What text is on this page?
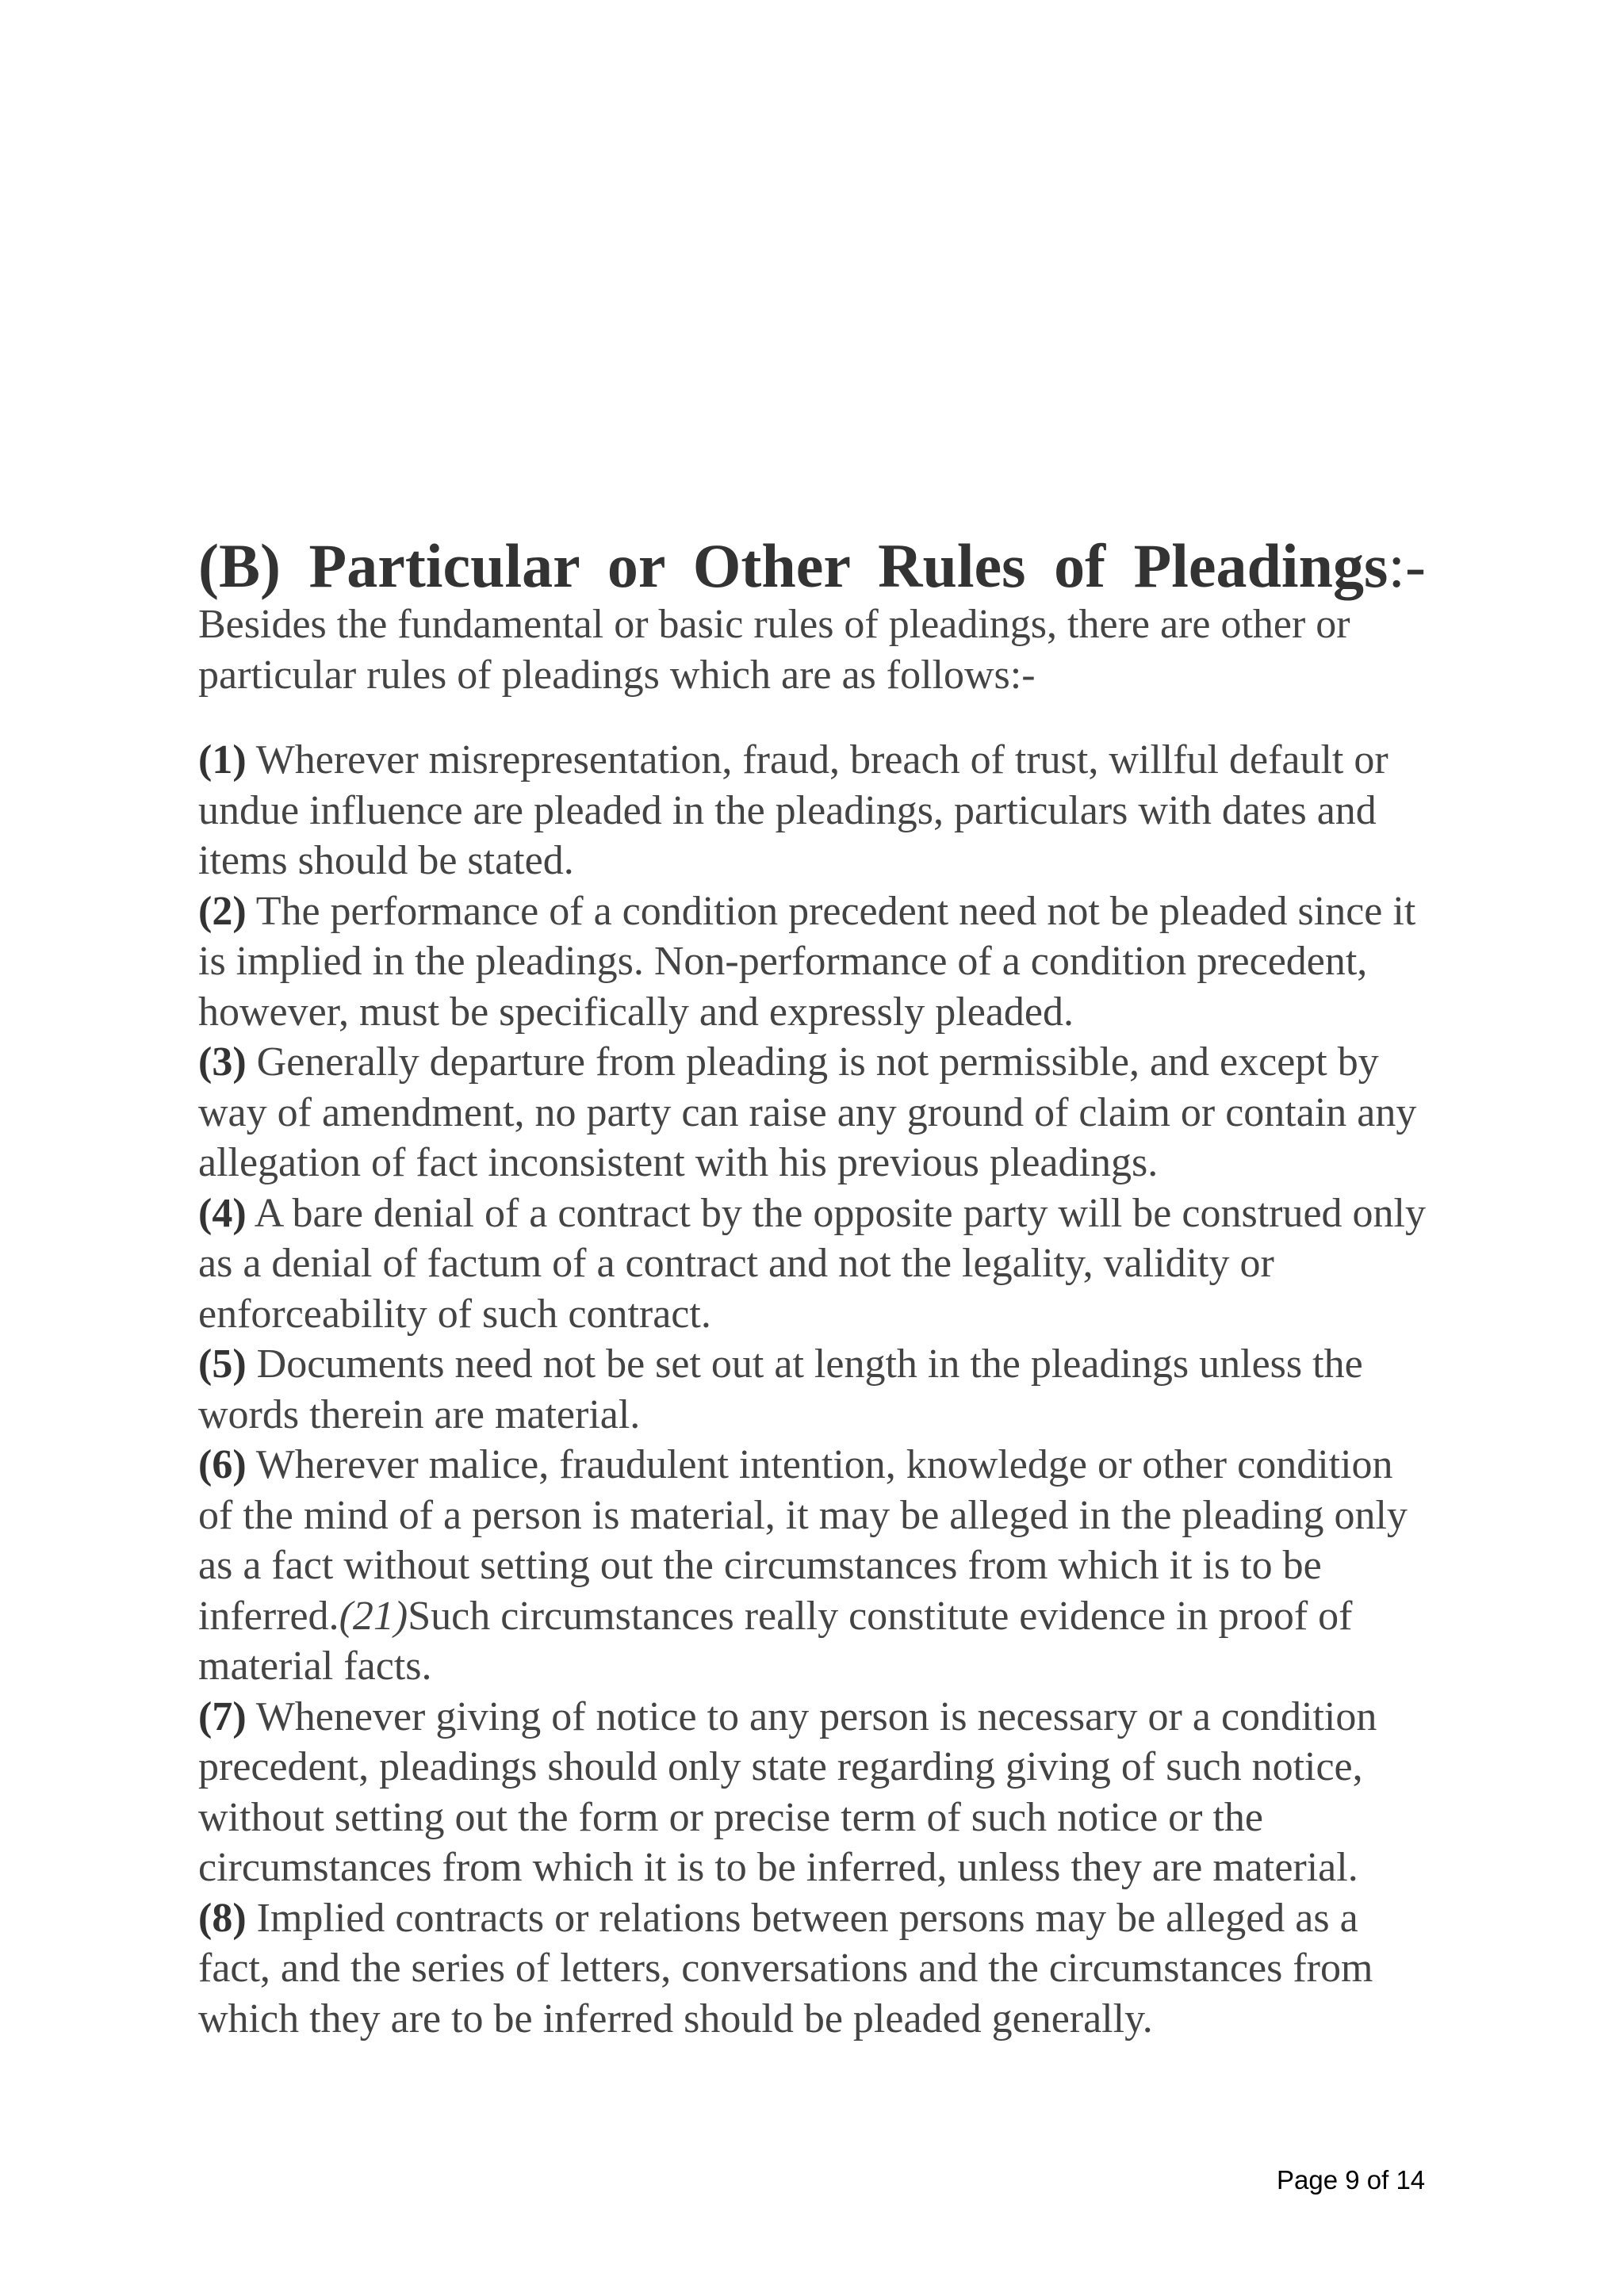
(B) Particular or Other Rules of Pleadings:-

Besides the fundamental or basic rules of pleadings, there are other or particular rules of pleadings which are as follows:-

(1) Wherever misrepresentation, fraud, breach of trust, willful default or undue influence are pleaded in the pleadings, particulars with dates and items should be stated.

(2) The performance of a condition precedent need not be pleaded since it is implied in the pleadings. Non-performance of a condition precedent, however, must be specifically and expressly pleaded.

(3) Generally departure from pleading is not permissible, and except by way of amendment, no party can raise any ground of claim or contain any allegation of fact inconsistent with his previous pleadings.

(4) A bare denial of a contract by the opposite party will be construed only as a denial of factum of a contract and not the legality, validity or enforceability of such contract.

(5) Documents need not be set out at length in the pleadings unless the words therein are material.

(6) Wherever malice, fraudulent intention, knowledge or other condition of the mind of a person is material, it may be alleged in the pleading only as a fact without setting out the circumstances from which it is to be inferred.(21)Such circumstances really constitute evidence in proof of material facts.

(7) Whenever giving of notice to any person is necessary or a condition precedent, pleadings should only state regarding giving of such notice, without setting out the form or precise term of such notice or the circumstances from which it is to be inferred, unless they are material.

(8) Implied contracts or relations between persons may be alleged as a fact, and the series of letters, conversations and the circumstances from which they are to be inferred should be pleaded generally.

Page 9 of 14
